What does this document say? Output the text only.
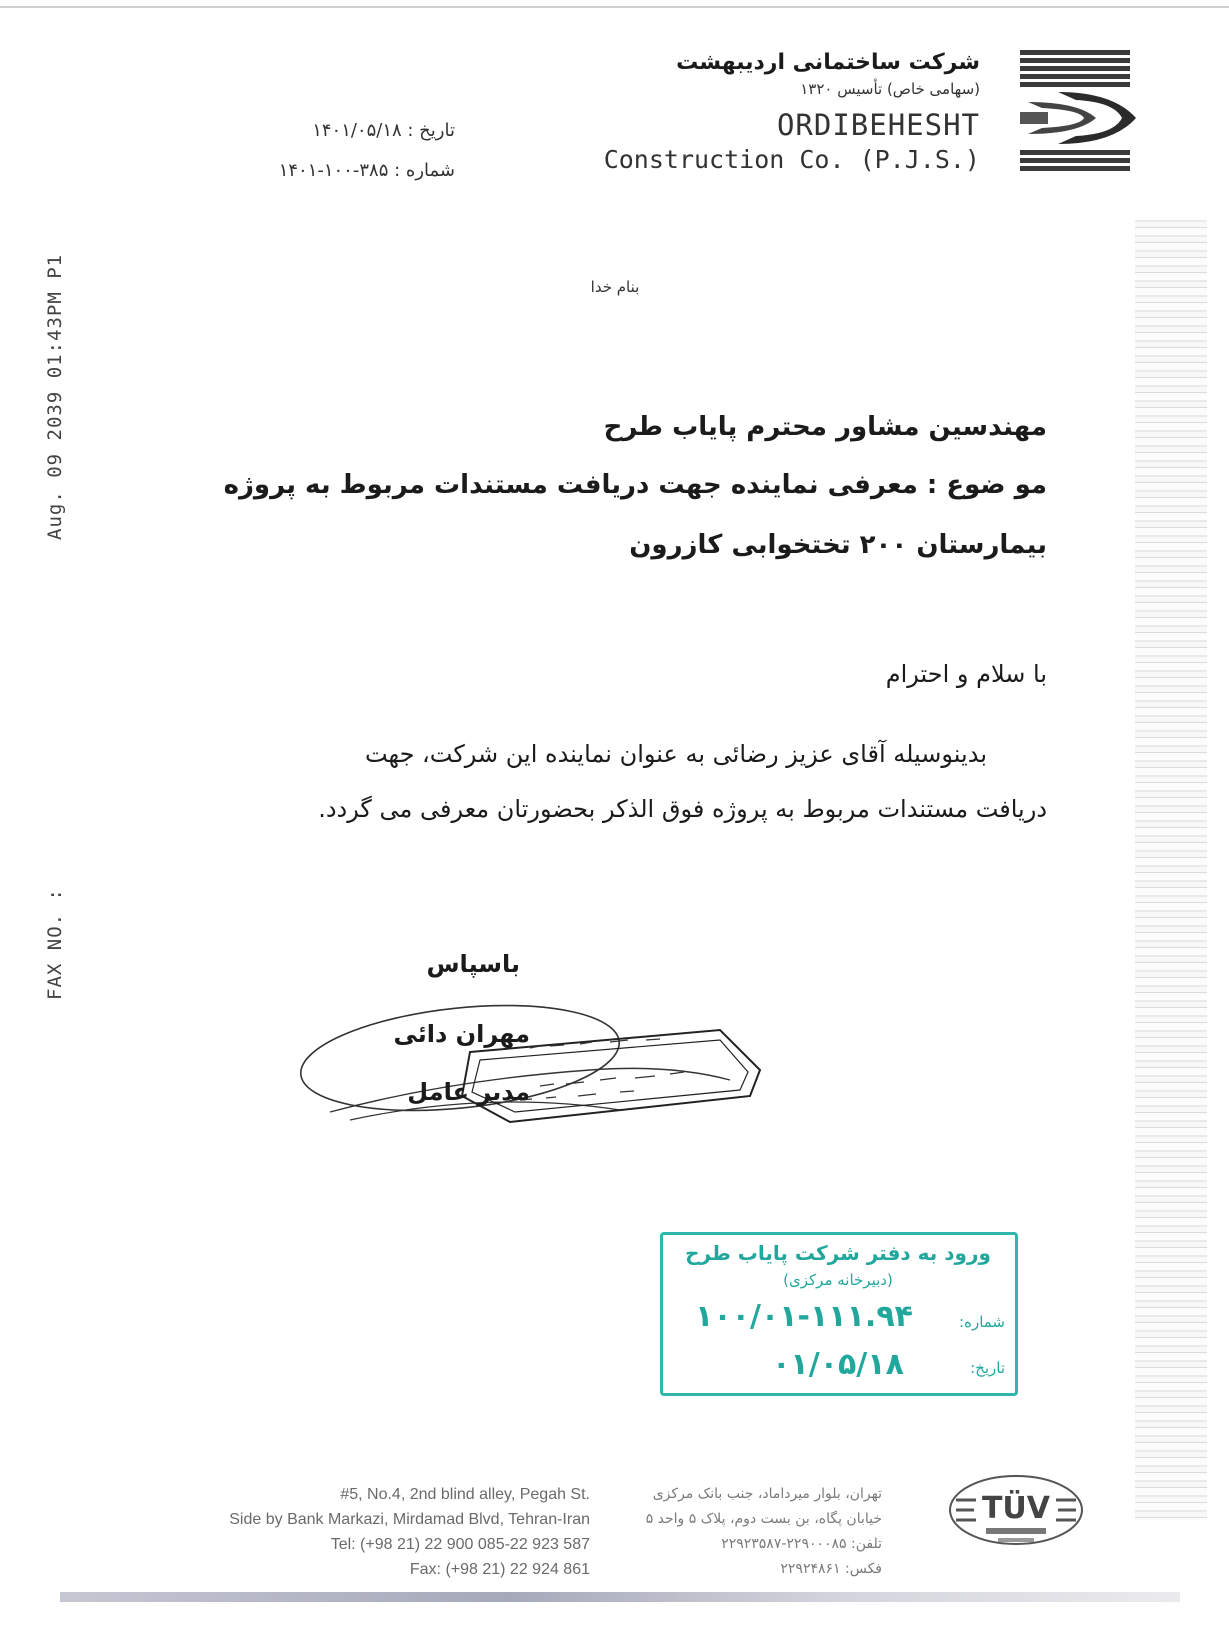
Aug. 09 2039 01:43PM P1
FAX NO. :
شرکت ساختمانی اردیبهشت
(سهامی خاص) تأسیس ۱۳۲۰
ORDIBEHESHT
Construction Co. (P.J.S.)
تاریخ : ۱۴۰۱/۰۵/۱۸
شماره : ۳۸۵-۱۰۰-۱۴۰۱
بنام خدا
مهندسین مشاور محترم پایاب طرح
مو ضوع : معرفی نماینده جهت دریافت مستندات مربوط به پروژه
بیمارستان ۲۰۰ تختخوابی کازرون
با سلام و احترام
بدینوسیله آقای عزیز رضائی به عنوان نماینده این شرکت، جهت
دریافت مستندات مربوط به پروژه فوق الذکر بحضورتان معرفی می گردد.
باسپاس
مهران دائی
مدیر عامل
ورود به دفتر شرکت پایاب طرح
(دبیرخانه مرکزی)
شماره:
۱۰۰/۰۱-۱۱۱.۹۴
تاریخ:
۰۱/۰۵/۱۸
#5, No.4, 2nd blind alley, Pegah St.
Side by Bank Markazi, Mirdamad Blvd, Tehran-Iran
Tel: (+98 21) 22 900 085-22 923 587
Fax: (+98 21) 22 924 861
تهران، بلوار میرداماد، جنب بانک مرکزی
خیابان پگاه، بن بست دوم، پلاک ۵ واحد ۵
تلفن: ۲۲۹۰۰۰۸۵-۲۲۹۲۳۵۸۷
فکس: ۲۲۹۲۴۸۶۱
TÜV
